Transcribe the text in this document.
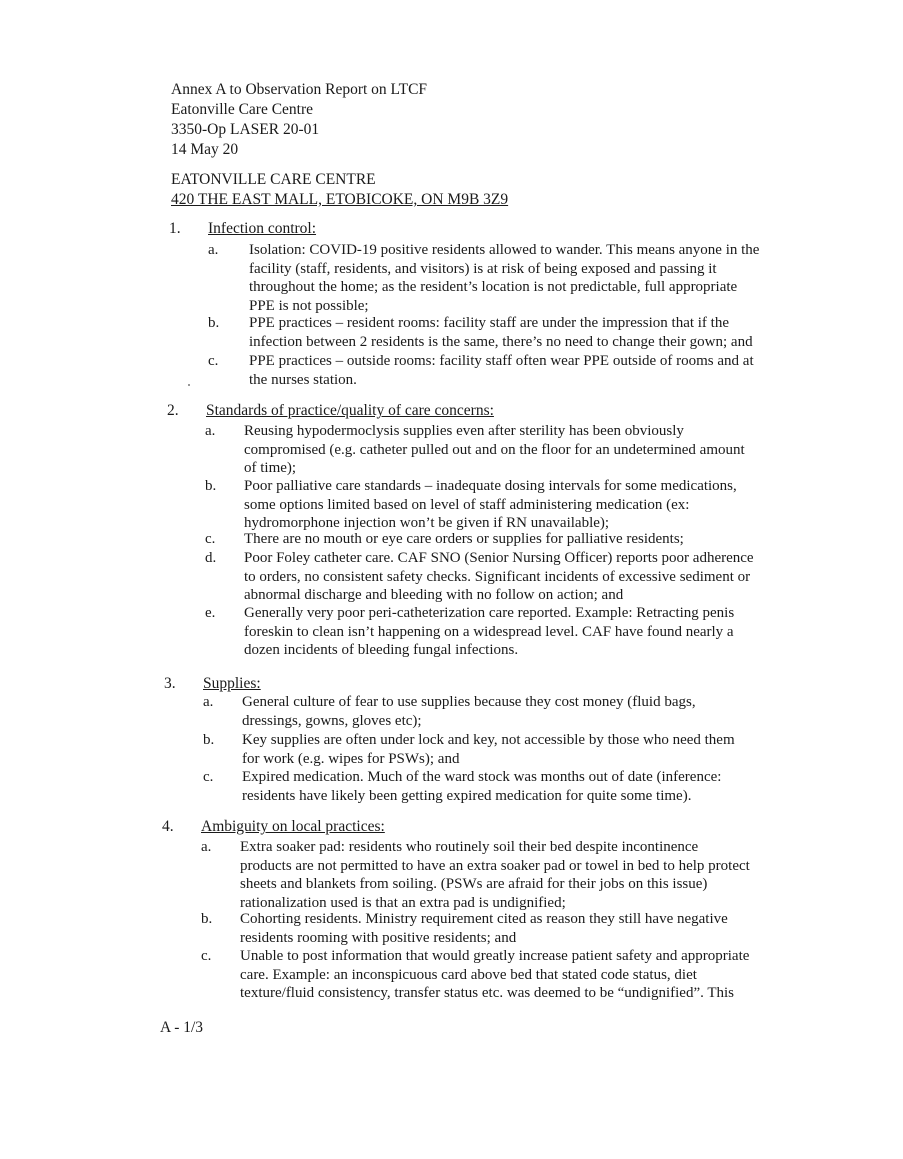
Annex A to Observation Report on LTCF
Eatonville Care Centre
3350-Op LASER 20-01
14 May 20
EATONVILLE CARE CENTRE
420 THE EAST MALL, ETOBICOKE, ON M9B 3Z9
1.	Infection control:
a.	Isolation: COVID-19 positive residents allowed to wander. This means anyone in the
facility (staff, residents, and visitors) is at risk of being exposed and passing it
throughout the home; as the resident’s location is not predictable, full appropriate
PPE is not possible;
b.	PPE practices – resident rooms: facility staff are under the impression that if the
infection between 2 residents is the same, there’s no need to change their gown; and
c.	PPE practices – outside rooms: facility staff often wear PPE outside of rooms and at
the nurses station.
2.	Standards of practice/quality of care concerns:
a.	Reusing hypodermoclysis supplies even after sterility has been obviously
compromised (e.g. catheter pulled out and on the floor for an undetermined amount
of time);
b.	Poor palliative care standards – inadequate dosing intervals for some medications,
some options limited based on level of staff administering medication (ex:
hydromorphone injection won’t be given if RN unavailable);
c.	There are no mouth or eye care orders or supplies for palliative residents;
d.	Poor Foley catheter care. CAF SNO (Senior Nursing Officer) reports poor adherence
to orders, no consistent safety checks. Significant incidents of excessive sediment or
abnormal discharge and bleeding with no follow on action; and
e.	Generally very poor peri-catheterization care reported. Example: Retracting penis
foreskin to clean isn’t happening on a widespread level. CAF have found nearly a
dozen incidents of bleeding fungal infections.
3.	Supplies:
a.	General culture of fear to use supplies because they cost money (fluid bags,
dressings, gowns, gloves etc);
b.	Key supplies are often under lock and key, not accessible by those who need them
for work (e.g. wipes for PSWs); and
c.	Expired medication. Much of the ward stock was months out of date (inference:
residents have likely been getting expired medication for quite some time).
4.	Ambiguity on local practices:
a.	Extra soaker pad: residents who routinely soil their bed despite incontinence
products are not permitted to have an extra soaker pad or towel in bed to help protect
sheets and blankets from soiling. (PSWs are afraid for their jobs on this issue)
rationalization used is that an extra pad is undignified;
b.	Cohorting residents. Ministry requirement cited as reason they still have negative
residents rooming with positive residents; and
c.	Unable to post information that would greatly increase patient safety and appropriate
care. Example: an inconspicuous card above bed that stated code status, diet
texture/fluid consistency, transfer status etc. was deemed to be “undignified”. This
A - 1/3
